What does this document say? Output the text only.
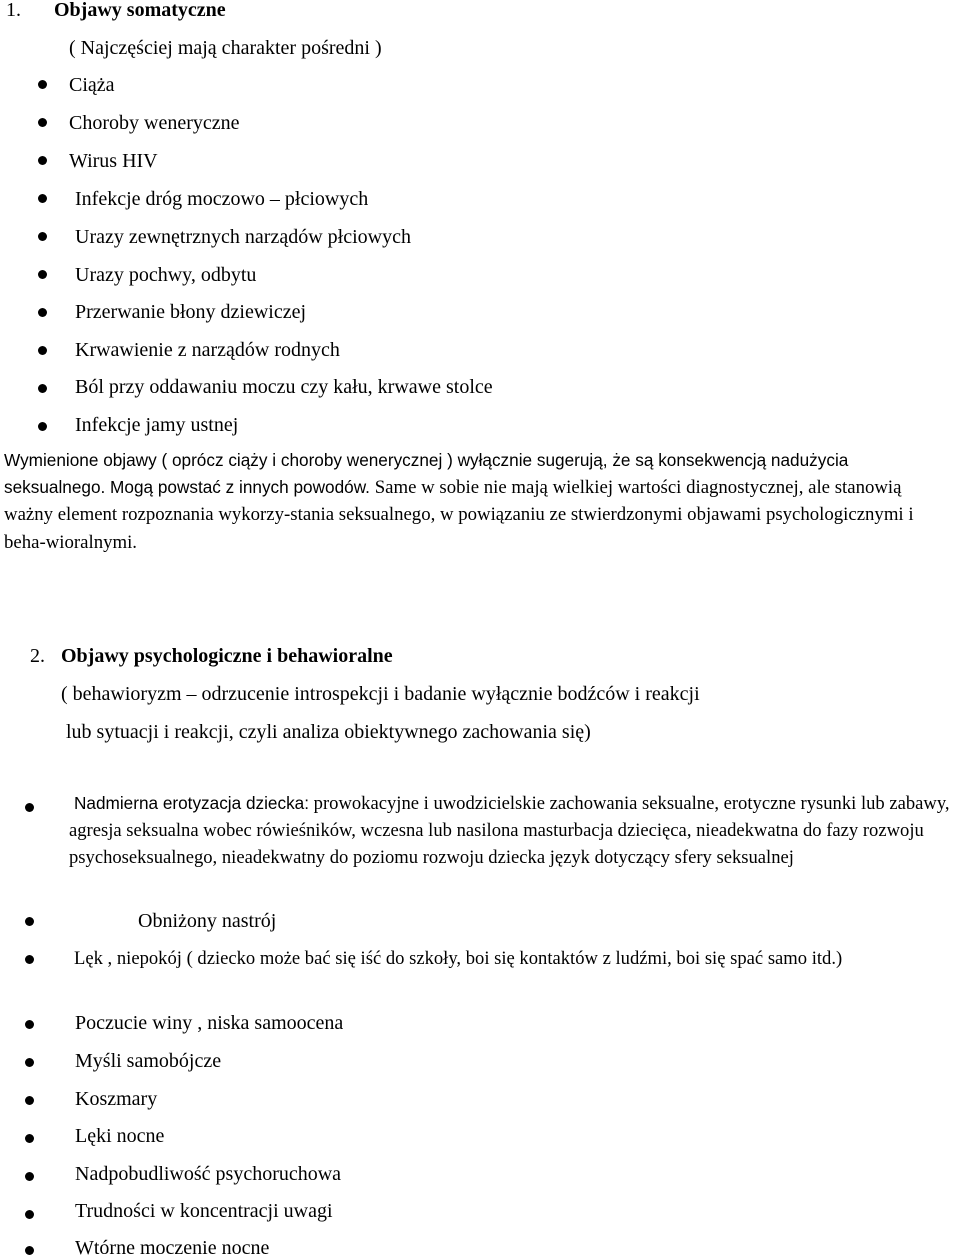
1. Objawy somatyczne
( Najczęściej mają charakter pośredni )
Ciąża
Choroby weneryczne
Wirus HIV
Infekcje dróg moczowo – płciowych
Urazy zewnętrznych narządów płciowych
Urazy pochwy, odbytu
Przerwanie błony dziewiczej
Krwawienie z narządów rodnych
Ból przy oddawaniu moczu czy kału, krwawe stolce
Infekcje jamy ustnej
Wymienione objawy ( oprócz ciąży i choroby wenerycznej ) wyłącznie sugerują, że są konsekwencją nadużycia seksualnego. Mogą powstać z innych powodów. Same w sobie nie mają wielkiej wartości diagnostycznej, ale stanowią ważny element rozpoznania wykorzy-stania seksualnego, w powiązaniu ze stwierdzonymi objawami psychologicznymi i beha-wioralnymi.
2. Objawy psychologiczne i behawioralne
( behawioryzm – odrzucenie introspekcji i badanie wyłącznie bodźców i reakcji
lub sytuacji i reakcji, czyli analiza obiektywnego zachowania się)
Nadmierna erotyzacja dziecka: prowokacyjne i uwodzicielskie zachowania seksualne, erotyczne rysunki lub zabawy, agresja seksualna wobec rówieśników, wczesna lub nasilona masturbacja dziecięca, nieadekwatna do fazy rozwoju psychoseksualnego, nieadekwatny do poziomu rozwoju dziecka język dotyczący sfery seksualnej
Obniżony nastrój
Lęk , niepokój ( dziecko może bać się iść do szkoły, boi się kontaktów z ludźmi, boi się spać samo itd.)
Poczucie winy , niska samoocena
Myśli samobójcze
Koszmary
Lęki nocne
Nadpobudliwość psychoruchowa
Trudności w koncentracji uwagi
Wtórne moczenie nocne
